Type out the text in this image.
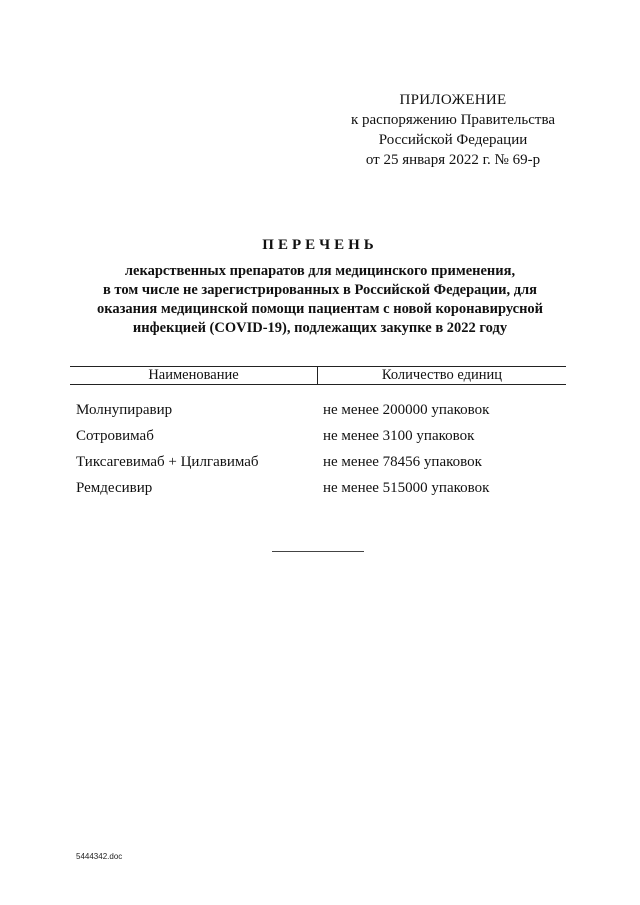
ПРИЛОЖЕНИЕ
к распоряжению Правительства
Российской Федерации
от 25 января 2022 г. № 69-р
ПЕРЕЧЕНЬ
лекарственных препаратов для медицинского применения,
в том числе не зарегистрированных в Российской Федерации, для
оказания медицинской помощи пациентам с новой коронавирусной
инфекцией (COVID-19), подлежащих закупке в 2022 году
Наименование	Количество единиц
Молнупиравир	не менее 200000 упаковок
Сотровимаб	не менее 3100 упаковок
Тиксагевимаб + Цилгавимаб	не менее 78456 упаковок
Ремдесивир	не менее 515000 упаковок
5444342.doc
